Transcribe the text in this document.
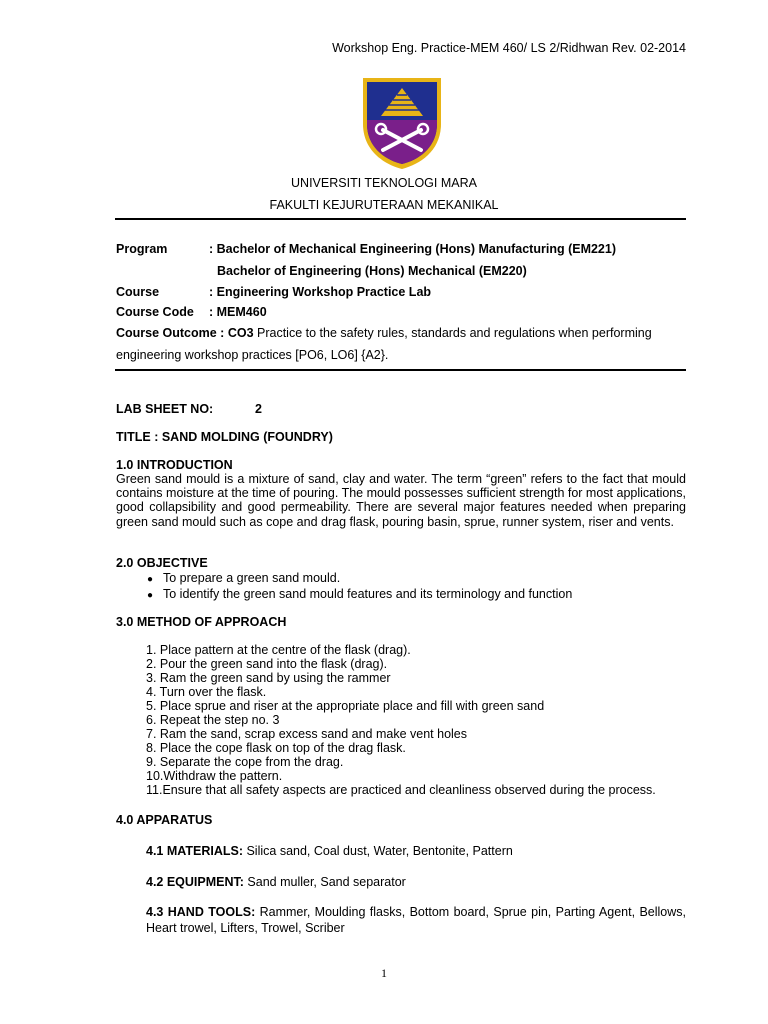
Workshop Eng. Practice-MEM 460/ LS 2/Ridhwan Rev. 02-2014
UNIVERSITI TEKNOLOGI MARA
FAKULTI KEJURUTERAAN MEKANIKAL
Program	: Bachelor of Mechanical Engineering (Hons) Manufacturing (EM221)
Bachelor of Engineering (Hons) Mechanical (EM220)
Course	: Engineering Workshop Practice Lab
Course Code : MEM460
Course Outcome : CO3 Practice to the safety rules, standards and regulations when performing
engineering workshop practices [PO6, LO6] {A2}.
LAB SHEET NO:	2
TITLE : SAND MOLDING (FOUNDRY)
1.0 INTRODUCTION
Green sand mould is a mixture of sand, clay and water. The term “green” refers to the fact that mould contains moisture at the time of pouring. The mould possesses sufficient strength for most applications, good collapsibility and good permeability. There are several major features needed when preparing green sand mould such as cope and drag flask, pouring basin, sprue, runner system, riser and vents.
2.0 OBJECTIVE
● To prepare a green sand mould.
● To identify the green sand mould features and its terminology and function
3.0 METHOD OF APPROACH
1. Place pattern at the centre of the flask (drag).
2. Pour the green sand into the flask (drag).
3. Ram the green sand by using the rammer
4. Turn over the flask.
5. Place sprue and riser at the appropriate place and fill with green sand
6. Repeat the step no. 3
7. Ram the sand, scrap excess sand and make vent holes
8. Place the cope flask on top of the drag flask.
9. Separate the cope from the drag.
10.Withdraw the pattern.
11.Ensure that all safety aspects are practiced and cleanliness observed during the process.
4.0 APPARATUS
4.1 MATERIALS: Silica sand, Coal dust, Water, Bentonite, Pattern
4.2 EQUIPMENT: Sand muller, Sand separator
4.3 HAND TOOLS: Rammer, Moulding flasks, Bottom board, Sprue pin, Parting Agent, Bellows, Heart trowel, Lifters, Trowel, Scriber
1
